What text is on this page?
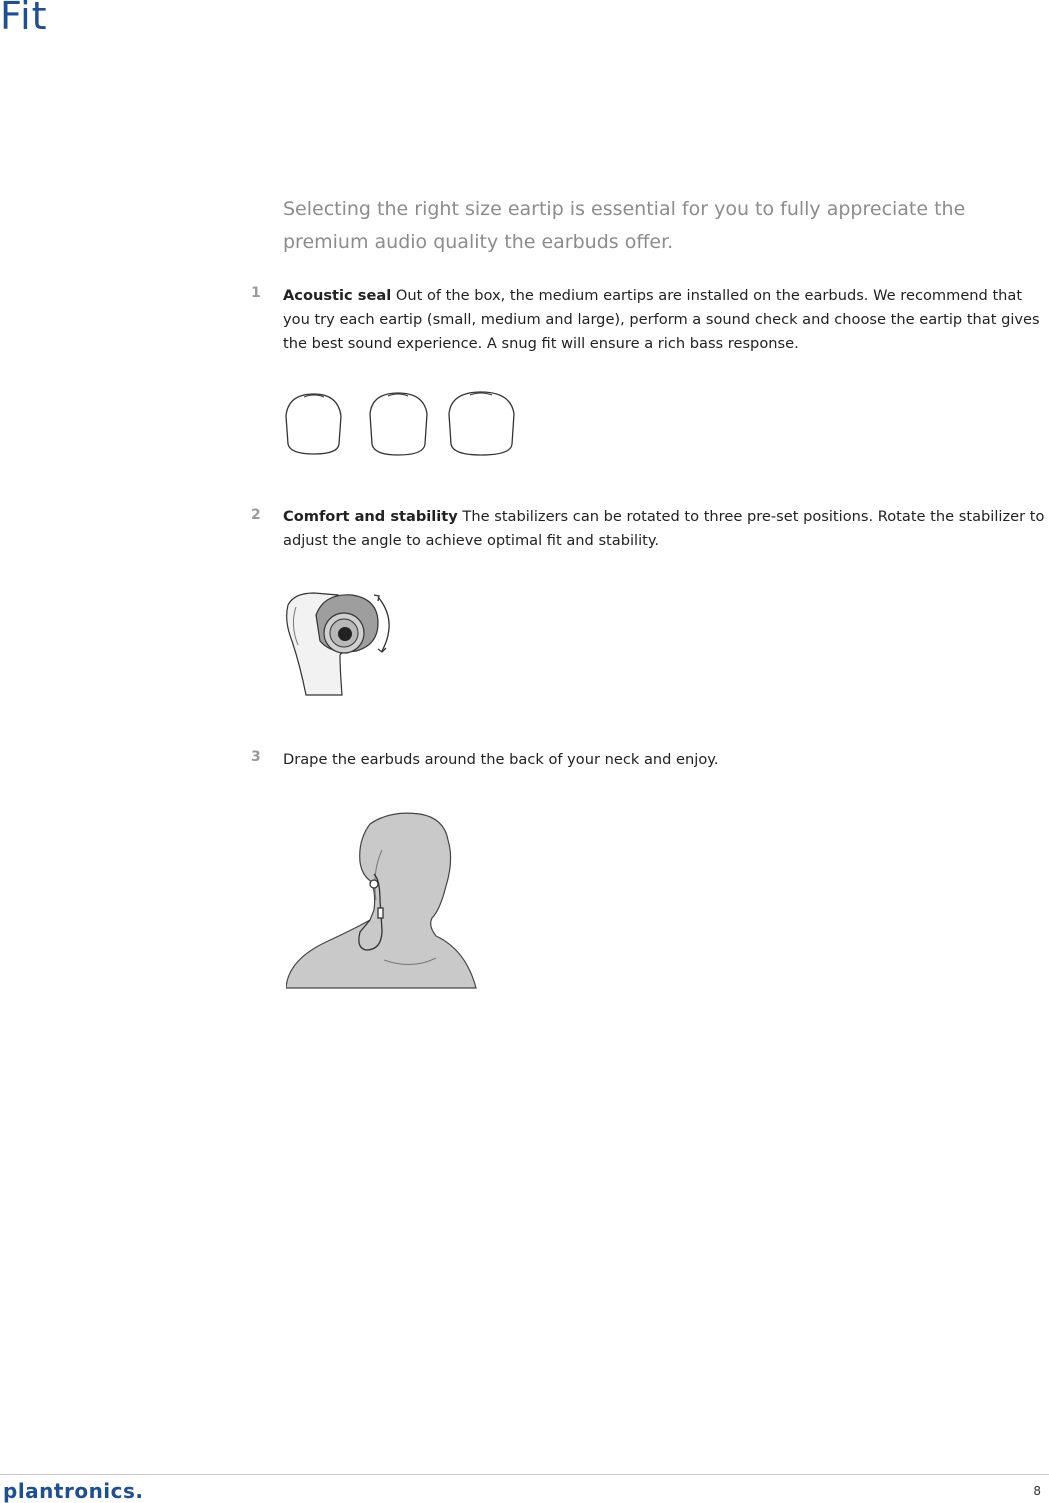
Fit
Selecting the right size eartip is essential for you to fully appreciate the premium audio quality the earbuds offer.
1 Acoustic seal Out of the box, the medium eartips are installed on the earbuds. We recommend that you try each eartip (small, medium and large), perform a sound check and choose the eartip that gives the best sound experience. A snug fit will ensure a rich bass response.
2 Comfort and stability The stabilizers can be rotated to three pre-set positions. Rotate the stabilizer to adjust the angle to achieve optimal fit and stability.
3 Drape the earbuds around the back of your neck and enjoy.
plantronics.	8
